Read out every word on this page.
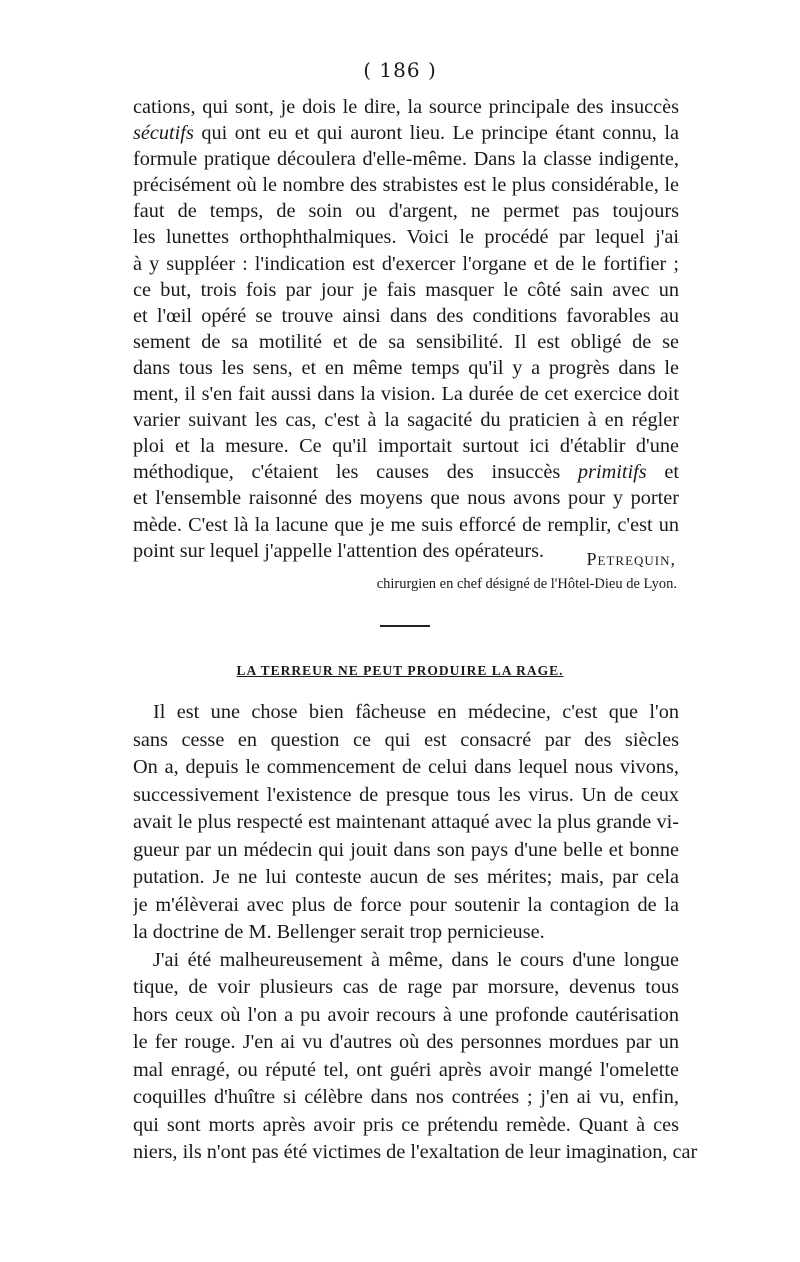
( 186 )
cations, qui sont, je dois le dire, la source principale des insuccès
sécutifs qui ont eu et qui auront lieu. Le principe étant connu, la
formule pratique découlera d'elle-même. Dans la classe indigente,
précisément où le nombre des strabistes est le plus considérable, le
faut de temps, de soin ou d'argent, ne permet pas toujours
les lunettes orthophthalmiques. Voici le procédé par lequel j'ai
à y suppléer : l'indication est d'exercer l'organe et de le fortifier ;
ce but, trois fois par jour je fais masquer le côté sain avec un
et l'œil opéré se trouve ainsi dans des conditions favorables au
sement de sa motilité et de sa sensibilité. Il est obligé de se
dans tous les sens, et en même temps qu'il y a progrès dans le
ment, il s'en fait aussi dans la vision. La durée de cet exercice doit
varier suivant les cas, c'est à la sagacité du praticien à en régler
ploi et la mesure. Ce qu'il importait surtout ici d'établir d'une
méthodique, c'étaient les causes des insuccès primitifs et
et l'ensemble raisonné des moyens que nous avons pour y porter
mède. C'est là la lacune que je me suis efforcé de remplir, c'est un
point sur lequel j'appelle l'attention des opérateurs.	Petrequin,
chirurgien en chef désigné de l'Hôtel-Dieu de Lyon.
LA TERREUR NE PEUT PRODUIRE LA RAGE.
Il est une chose bien fâcheuse en médecine, c'est que l'on
sans cesse en question ce qui est consacré par des siècles
On a, depuis le commencement de celui dans lequel nous vivons,
successivement l'existence de presque tous les virus. Un de ceux
avait le plus respecté est maintenant attaqué avec la plus grande vi-
gueur par un médecin qui jouit dans son pays d'une belle et bonne
putation. Je ne lui conteste aucun de ses mérites; mais, par cela
je m'élèverai avec plus de force pour soutenir la contagion de la
la doctrine de M. Bellenger serait trop pernicieuse.
J'ai été malheureusement à même, dans le cours d'une longue
tique, de voir plusieurs cas de rage par morsure, devenus tous
hors ceux où l'on a pu avoir recours à une profonde cautérisation
le fer rouge. J'en ai vu d'autres où des personnes mordues par un
mal enragé, ou réputé tel, ont guéri après avoir mangé l'omelette
coquilles d'huître si célèbre dans nos contrées ; j'en ai vu, enfin,
qui sont morts après avoir pris ce prétendu remède. Quant à ces
niers, ils n'ont pas été victimes de l'exaltation de leur imagination, car
